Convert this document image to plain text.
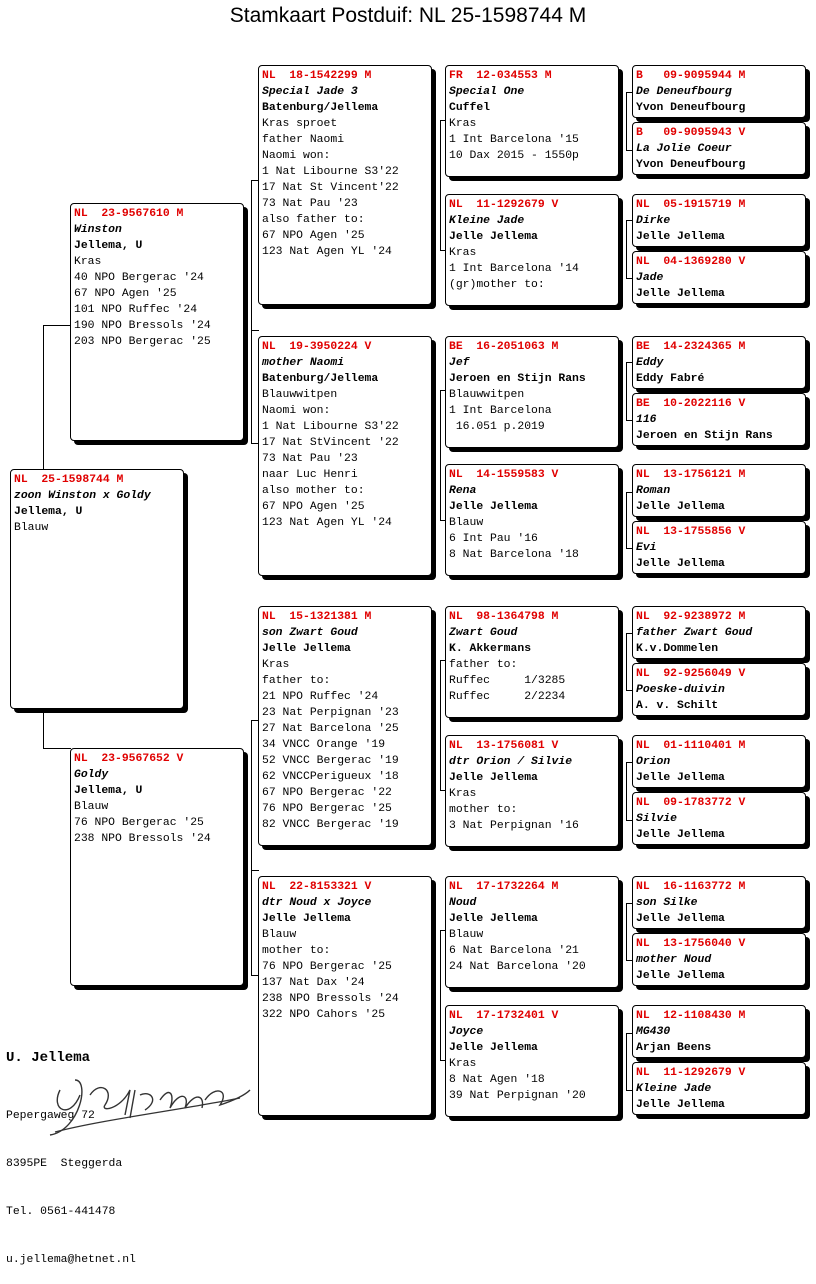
Stamkaart Postduif: NL 25-1598744 M
NL  25-1598744 M
zoon Winston x Goldy
Jellema, U
Blauw
NL  23-9567610 M
Winston
Jellema, U
Kras
40 NPO Bergerac '24
67 NPO Agen '25
101 NPO Ruffec '24
190 NPO Bressols '24
203 NPO Bergerac '25
NL  23-9567652 V
Goldy
Jellema, U
Blauw
76 NPO Bergerac '25
238 NPO Bressols '24
NL  18-1542299 M
Special Jade 3
Batenburg/Jellema
Kras sproet
father Naomi
Naomi won:
1 Nat Libourne S3'22
17 Nat St Vincent'22
73 Nat Pau '23
also father to:
67 NPO Agen '25
123 Nat Agen YL '24
NL  19-3950224 V
mother Naomi
Batenburg/Jellema
Blauwwitpen
Naomi won:
1 Nat Libourne S3'22
17 Nat StVincent '22
73 Nat Pau '23
naar Luc Henri
also mother to:
67 NPO Agen '25
123 Nat Agen YL '24
NL  15-1321381 M
son Zwart Goud
Jelle Jellema
Kras
father to:
21 NPO Ruffec '24
23 Nat Perpignan '23
27 Nat Barcelona '25
34 VNCC Orange '19
52 VNCC Bergerac '19
62 VNCCPerigueux '18
67 NPO Bergerac '22
76 NPO Bergerac '25
82 VNCC Bergerac '19
NL  22-8153321 V
dtr Noud x Joyce
Jelle Jellema
Blauw
mother to:
76 NPO Bergerac '25
137 Nat Dax '24
238 NPO Bressols '24
322 NPO Cahors '25
FR  12-034553 M
Special One
Cuffel
Kras
1 Int Barcelona '15
10 Dax 2015 - 1550p
NL  11-1292679 V
Kleine Jade
Jelle Jellema
Kras
1 Int Barcelona '14
(gr)mother to:
BE  16-2051063 M
Jef
Jeroen en Stijn Rans
Blauwwitpen
1 Int Barcelona
16.051 p.2019
NL  14-1559583 V
Rena
Jelle Jellema
Blauw
6 Int Pau '16
8 Nat Barcelona '18
NL  98-1364798 M
Zwart Goud
K. Akkermans
father to:
Ruffec     1/3285
Ruffec     2/2234
NL  13-1756081 V
dtr Orion / Silvie
Jelle Jellema
Kras
mother to:
3 Nat Perpignan '16
NL  17-1732264 M
Noud
Jelle Jellema
Blauw
6 Nat Barcelona '21
24 Nat Barcelona '20
NL  17-1732401 V
Joyce
Jelle Jellema
Kras
8 Nat Agen '18
39 Nat Perpignan '20
B   09-9095944 M
De Deneufbourg
Yvon Deneufbourg
B   09-9095943 V
La Jolie Coeur
Yvon Deneufbourg
NL  05-1915719 M
Dirke
Jelle Jellema
NL  04-1369280 V
Jade
Jelle Jellema
BE  14-2324365 M
Eddy
Eddy Fabré
BE  10-2022116 V
116
Jeroen en Stijn Rans
NL  13-1756121 M
Roman
Jelle Jellema
NL  13-1755856 V
Evi
Jelle Jellema
NL  92-9238972 M
father Zwart Goud
K.v.Dommelen
NL  92-9256049 V
Poeske-duivin
A. v. Schilt
NL  01-1110401 M
Orion
Jelle Jellema
NL  09-1783772 V
Silvie
Jelle Jellema
NL  16-1163772 M
son Silke
Jelle Jellema
NL  13-1756040 V
mother Noud
Jelle Jellema
NL  12-1108430 M
MG430
Arjan Beens
NL  11-1292679 V
Kleine Jade
Jelle Jellema

U. Jellema

Pepergaweg 72

8395PE  Steggerda

Tel. 0561-441478

u.jellema@hetnet.nl
